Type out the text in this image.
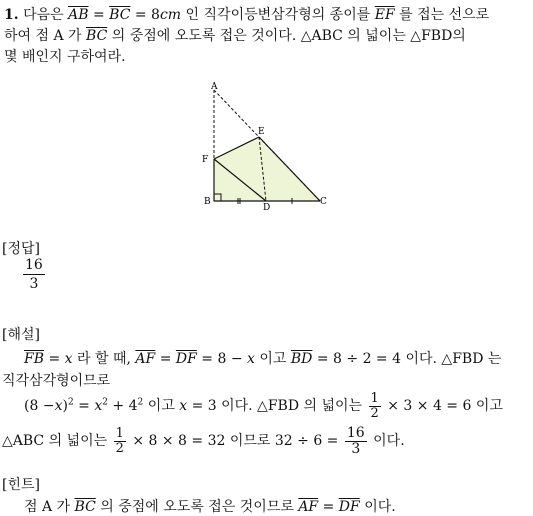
1. 다음은 $\overline{AB} = \overline{BC} = 8cm$ 인 직각이등변삼각형의 종이를 $\overline{EF}$ 를 접는 선으로
하여 점 A 가 $\overline{BC}$ 의 중점에 오도록 접은 것이다. △ABC 의 넓이는 △FBD의
몇 배인지 구하여라.
A
E
F
B
D
C
[정답]
$\frac{16}{3}$
[해설]
$\overline{FB} = x$ 라 할 때, $\overline{AF} = \overline{DF} = 8 - x$ 이고 $\overline{BD} = 8 \div 2 = 4$ 이다. △FBD 는
직각삼각형이므로
$(8 -x)^2 = x^2 + 4^2$ 이고 x = 3 이다. △FBD 의 넓이는 $\frac{1}{2} \times 3 \times 4 = 6$ 이고
△ABC 의 넓이는 $\frac{1}{2} \times 8 \times 8 = 32$ 이므로 $32 \div 6 = \frac{16}{3}$ 이다.
[힌트]
점 A 가 $\overline{BC}$ 의 중점에 오도록 접은 것이므로 $\overline{AF} = \overline{DF}$ 이다.
